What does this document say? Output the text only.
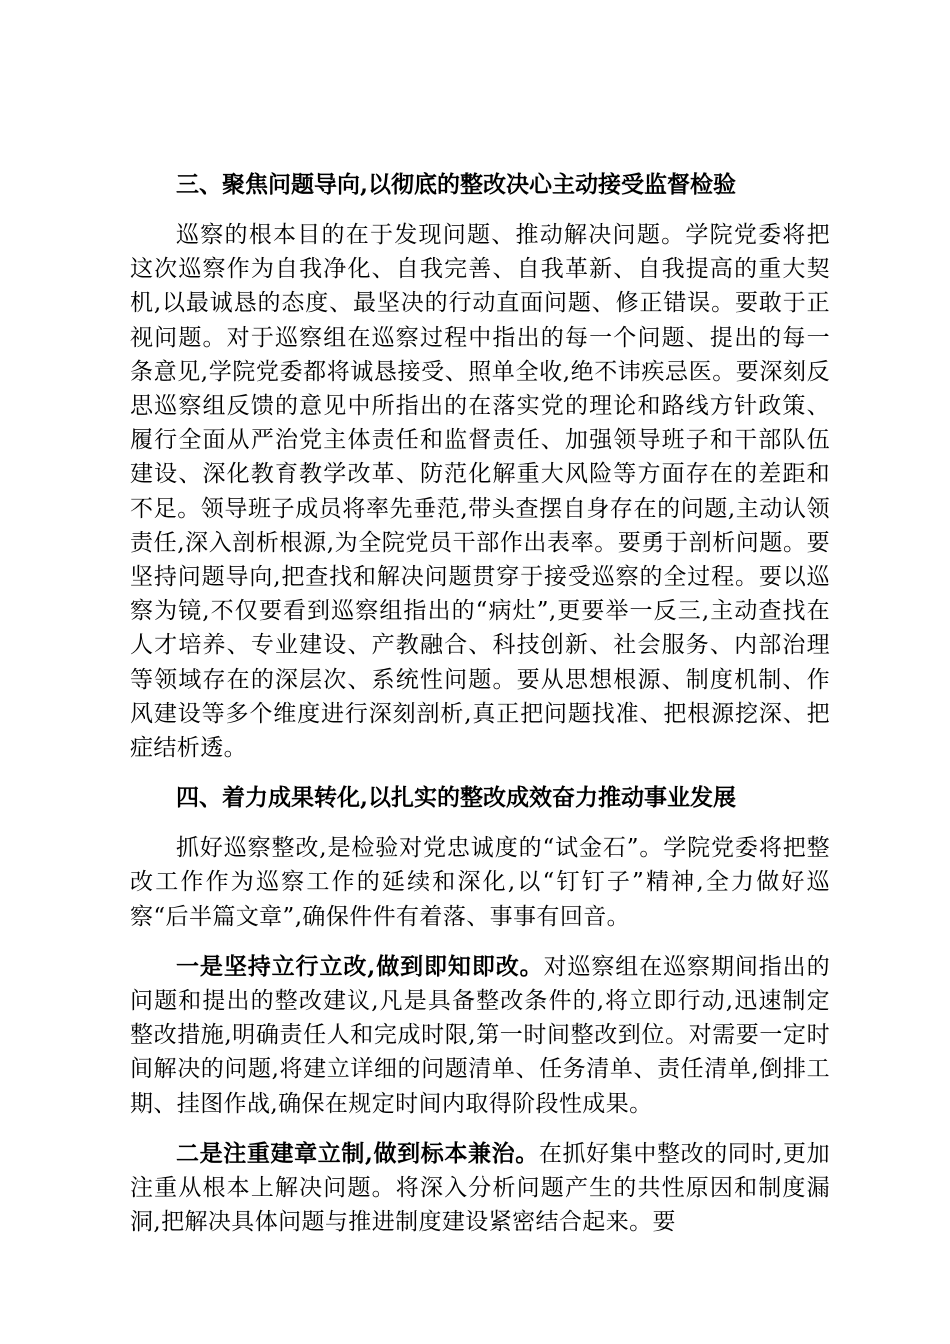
三、聚焦问题导向,以彻底的整改决心主动接受监督检验

巡察的根本目的在于发现问题、推动解决问题。学院党委将把这次巡察作为自我净化、自我完善、自我革新、自我提高的重大契机,以最诚恳的态度、最坚决的行动直面问题、修正错误。要敢于正视问题。对于巡察组在巡察过程中指出的每一个问题、提出的每一条意见,学院党委都将诚恳接受、照单全收,绝不讳疾忌医。要深刻反思巡察组反馈的意见中所指出的在落实党的理论和路线方针政策、履行全面从严治党主体责任和监督责任、加强领导班子和干部队伍建设、深化教育教学改革、防范化解重大风险等方面存在的差距和不足。领导班子成员将率先垂范,带头查摆自身存在的问题,主动认领责任,深入剖析根源,为全院党员干部作出表率。要勇于剖析问题。要坚持问题导向,把查找和解决问题贯穿于接受巡察的全过程。要以巡察为镜,不仅要看到巡察组指出的“病灶”,更要举一反三,主动查找在人才培养、专业建设、产教融合、科技创新、社会服务、内部治理等领域存在的深层次、系统性问题。要从思想根源、制度机制、作风建设等多个维度进行深刻剖析,真正把问题找准、把根源挖深、把症结析透。

四、着力成果转化,以扎实的整改成效奋力推动事业发展

抓好巡察整改,是检验对党忠诚度的“试金石”。学院党委将把整改工作作为巡察工作的延续和深化,以“钉钉子”精神,全力做好巡察“后半篇文章”,确保件件有着落、事事有回音。

一是坚持立行立改,做到即知即改。对巡察组在巡察期间指出的问题和提出的整改建议,凡是具备整改条件的,将立即行动,迅速制定整改措施,明确责任人和完成时限,第一时间整改到位。对需要一定时间解决的问题,将建立详细的问题清单、任务清单、责任清单,倒排工期、挂图作战,确保在规定时间内取得阶段性成果。

二是注重建章立制,做到标本兼治。在抓好集中整改的同时,更加注重从根本上解决问题。将深入分析问题产生的共性原因和制度漏洞,把解决具体问题与推进制度建设紧密结合起来。要
